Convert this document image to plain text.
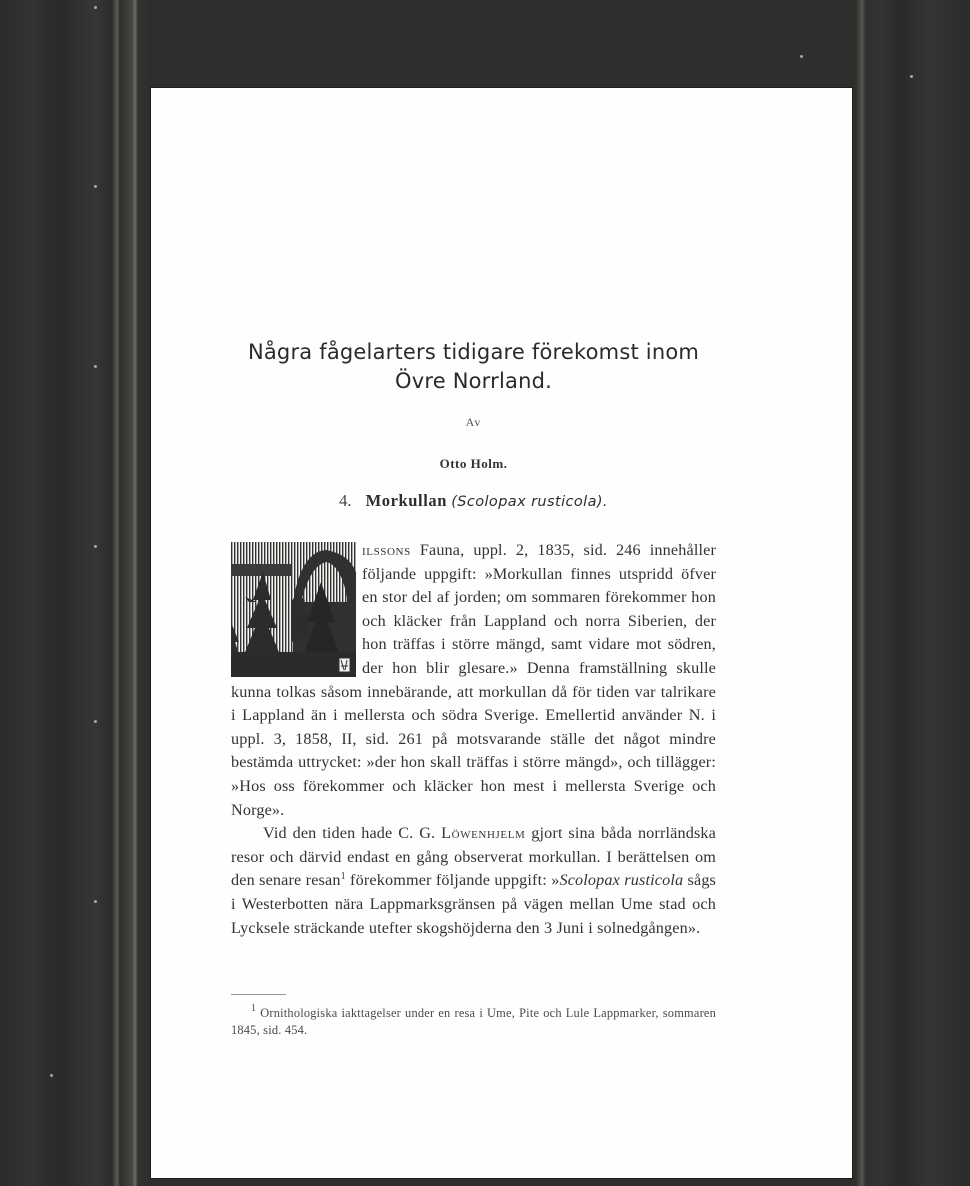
Några fågelarters tidigare förekomst inom
Övre Norrland.
Av
Otto Holm.
4. Morkullan (Scolopax rusticola).

ilssons Fauna, uppl. 2, 1835, sid. 246 innehåller följande uppgift: »Morkullan finnes utspridd öfver en stor del af jorden; om sommaren förekommer hon och kläcker från Lappland och norra Siberien, der hon träffas i större mängd, samt vidare mot södren, der hon blir glesare.» Denna framställning skulle kunna tolkas såsom innebärande, att morkullan då för tiden var talrikare i Lappland än i mellersta och södra Sverige. Emellertid använder N. i uppl. 3, 1858, II, sid. 261 på motsvarande ställe det något mindre bestämda uttrycket: »der hon skall träffas i större mängd», och tillägger: »Hos oss förekommer och kläcker hon mest i mellersta Sverige och Norge».

Vid den tiden hade C. G. Löwenhjelm gjort sina båda norrländska resor och därvid endast en gång observerat morkullan. I berättelsen om den senare resan$^1$ förekommer följande uppgift: »Scolopax rusticola sågs i Westerbotten nära Lappmarksgränsen på vägen mellan Ume stad och Lycksele sträckande utefter skogshöjderna den 3 Juni i solnedgången».

$^1$ Ornithologiska iakttagelser under en resa i Ume, Pite och Lule Lappmarker, sommaren 1845, sid. 454.
